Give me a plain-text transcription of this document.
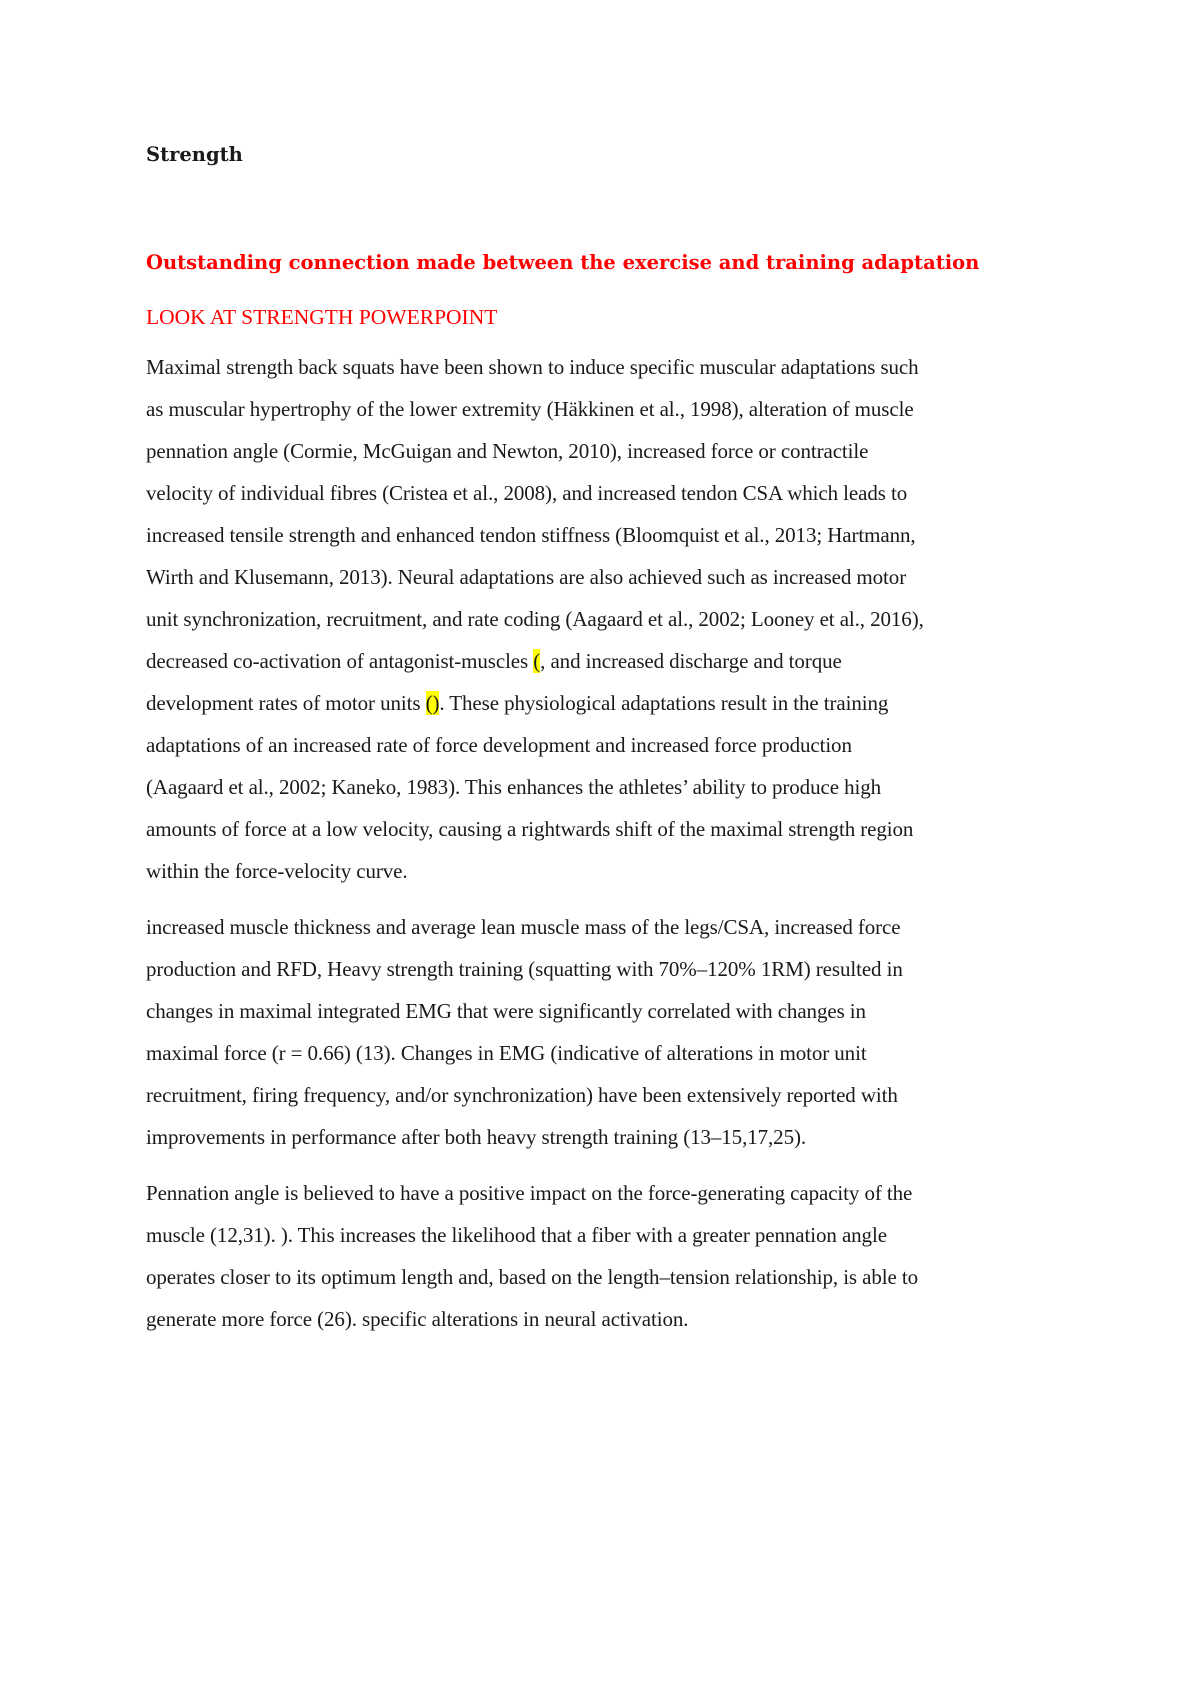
Strength

Outstanding connection made between the exercise and training adaptation

LOOK AT STRENGTH POWERPOINT

Maximal strength back squats have been shown to induce specific muscular adaptations such
as muscular hypertrophy of the lower extremity (Häkkinen et al., 1998), alteration of muscle
pennation angle (Cormie, McGuigan and Newton, 2010), increased force or contractile
velocity of individual fibres (Cristea et al., 2008), and increased tendon CSA which leads to
increased tensile strength and enhanced tendon stiffness (Bloomquist et al., 2013; Hartmann,
Wirth and Klusemann, 2013). Neural adaptations are also achieved such as increased motor
unit synchronization, recruitment, and rate coding (Aagaard et al., 2002; Looney et al., 2016),
decreased co-activation of antagonist-muscles (, and increased discharge and torque
development rates of motor units (). These physiological adaptations result in the training
adaptations of an increased rate of force development and increased force production
(Aagaard et al., 2002; Kaneko, 1983). This enhances the athletes’ ability to produce high
amounts of force at a low velocity, causing a rightwards shift of the maximal strength region
within the force-velocity curve.
increased muscle thickness and average lean muscle mass of the legs/CSA, increased force
production and RFD, Heavy strength training (squatting with 70%–120% 1RM) resulted in
changes in maximal integrated EMG that were significantly correlated with changes in
maximal force (r = 0.66) (13). Changes in EMG (indicative of alterations in motor unit
recruitment, firing frequency, and/or synchronization) have been extensively reported with
improvements in performance after both heavy strength training (13–15,17,25).
Pennation angle is believed to have a positive impact on the force-generating capacity of the
muscle (12,31). ). This increases the likelihood that a fiber with a greater pennation angle
operates closer to its optimum length and, based on the length–tension relationship, is able to
generate more force (26). specific alterations in neural activation.
